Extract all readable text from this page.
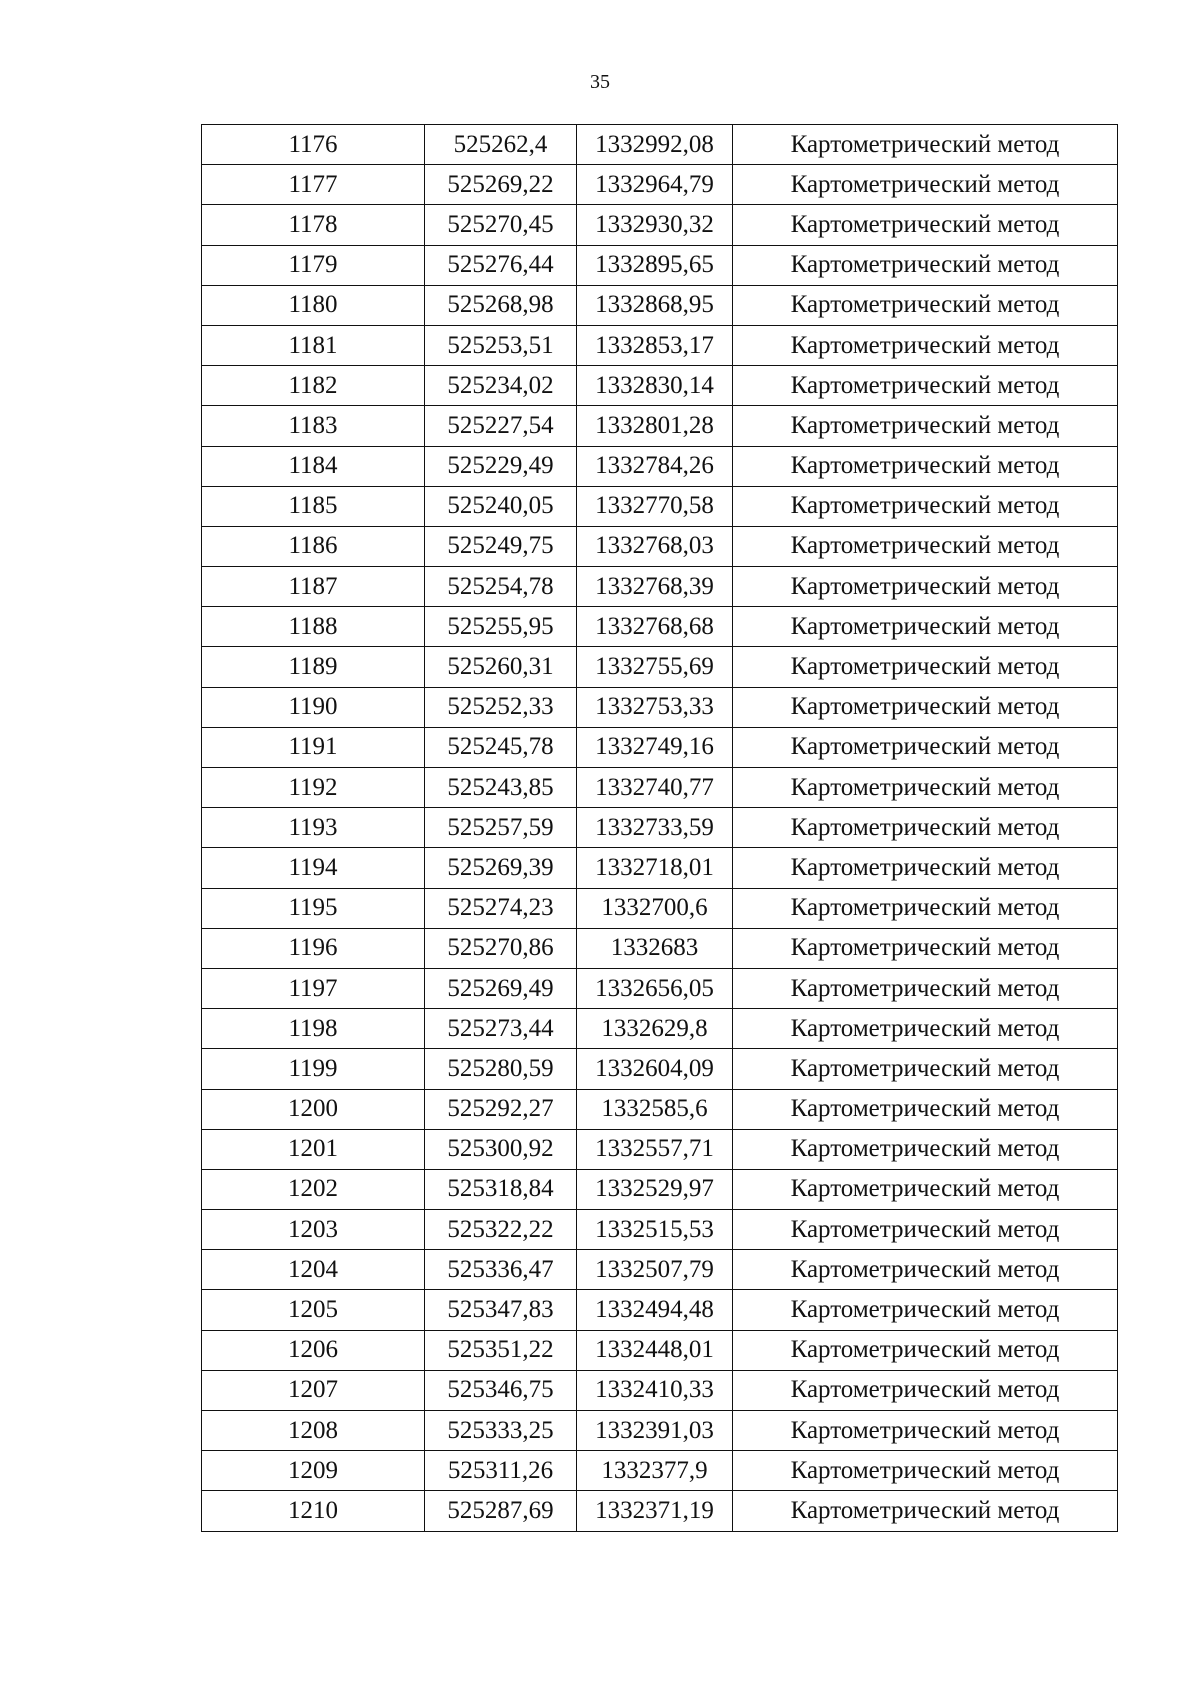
35
1176	525262,4	1332992,08	Картометрический метод
1177	525269,22	1332964,79	Картометрический метод
1178	525270,45	1332930,32	Картометрический метод
1179	525276,44	1332895,65	Картометрический метод
1180	525268,98	1332868,95	Картометрический метод
1181	525253,51	1332853,17	Картометрический метод
1182	525234,02	1332830,14	Картометрический метод
1183	525227,54	1332801,28	Картометрический метод
1184	525229,49	1332784,26	Картометрический метод
1185	525240,05	1332770,58	Картометрический метод
1186	525249,75	1332768,03	Картометрический метод
1187	525254,78	1332768,39	Картометрический метод
1188	525255,95	1332768,68	Картометрический метод
1189	525260,31	1332755,69	Картометрический метод
1190	525252,33	1332753,33	Картометрический метод
1191	525245,78	1332749,16	Картометрический метод
1192	525243,85	1332740,77	Картометрический метод
1193	525257,59	1332733,59	Картометрический метод
1194	525269,39	1332718,01	Картометрический метод
1195	525274,23	1332700,6	Картометрический метод
1196	525270,86	1332683	Картометрический метод
1197	525269,49	1332656,05	Картометрический метод
1198	525273,44	1332629,8	Картометрический метод
1199	525280,59	1332604,09	Картометрический метод
1200	525292,27	1332585,6	Картометрический метод
1201	525300,92	1332557,71	Картометрический метод
1202	525318,84	1332529,97	Картометрический метод
1203	525322,22	1332515,53	Картометрический метод
1204	525336,47	1332507,79	Картометрический метод
1205	525347,83	1332494,48	Картометрический метод
1206	525351,22	1332448,01	Картометрический метод
1207	525346,75	1332410,33	Картометрический метод
1208	525333,25	1332391,03	Картометрический метод
1209	525311,26	1332377,9	Картометрический метод
1210	525287,69	1332371,19	Картометрический метод
